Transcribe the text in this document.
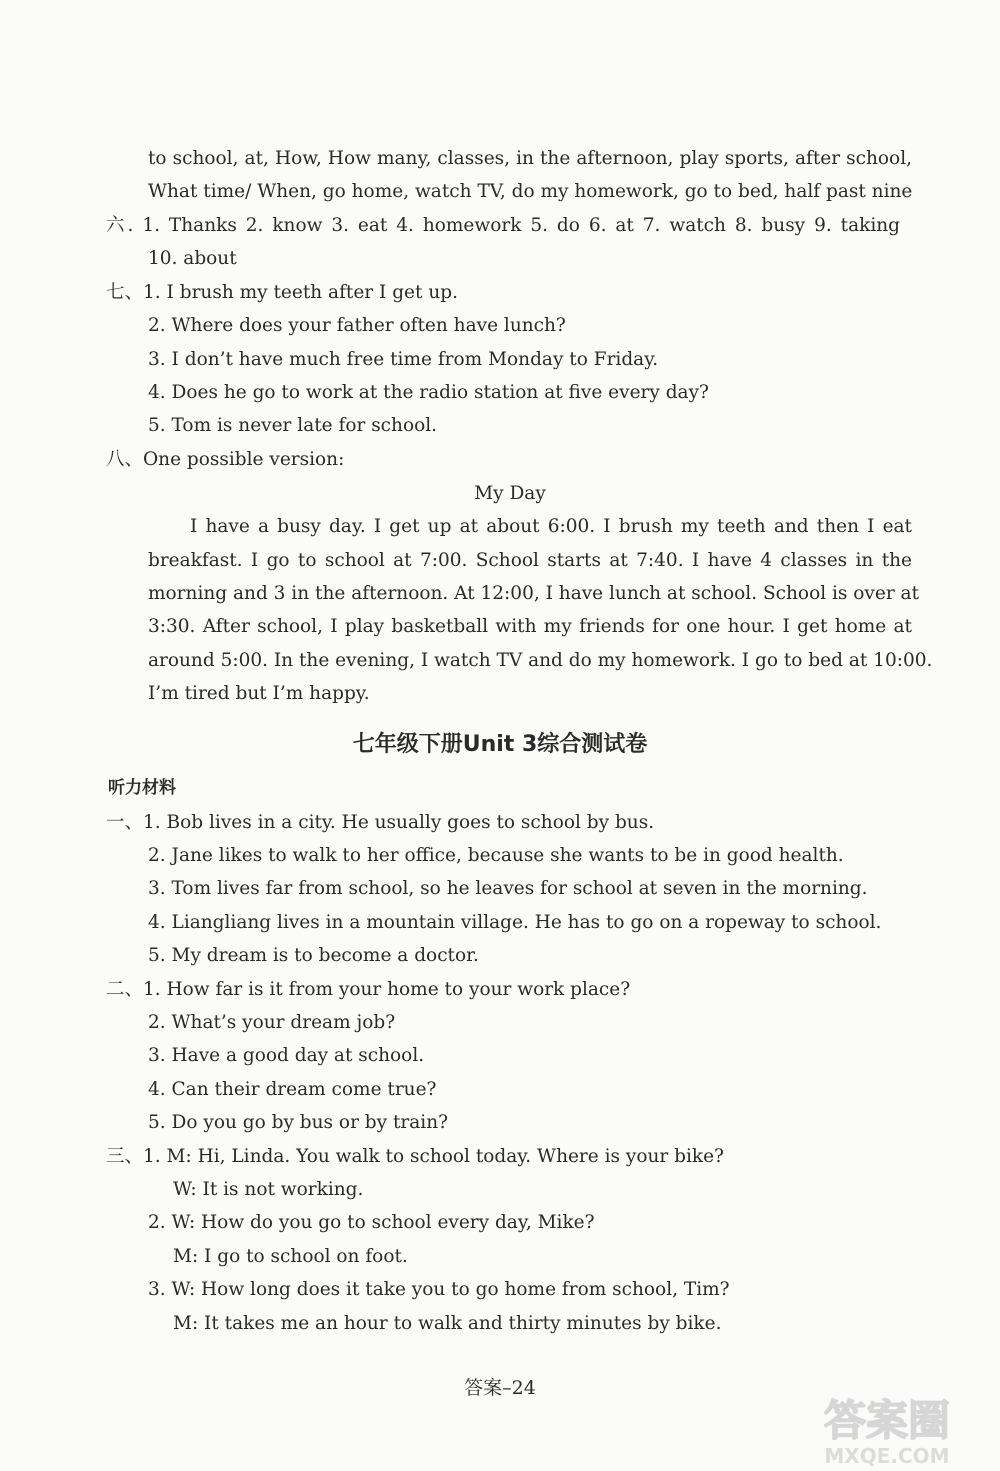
to school, at, How, How many, classes, in the afternoon, play sports, after school,
What time/ When, go home, watch TV, do my homework, go to bed, half past nine
六. 1. Thanks 2. know 3. eat 4. homework 5. do 6. at 7. watch 8. busy 9. taking
10. about
七、1. I brush my teeth after I get up.
2. Where does your father often have lunch?
3. I don’t have much free time from Monday to Friday.
4. Does he go to work at the radio station at five every day?
5. Tom is never late for school.
八、One possible version:
My Day
I have a busy day. I get up at about 6:00. I brush my teeth and then I eat
breakfast. I go to school at 7:00. School starts at 7:40. I have 4 classes in the
morning and 3 in the afternoon. At 12:00, I have lunch at school. School is over at
3:30. After school, I play basketball with my friends for one hour. I get home at
around 5:00. In the evening, I watch TV and do my homework. I go to bed at 10:00.
I’m tired but I’m happy.
七年级下册Unit 3综合测试卷
听力材料
一、1. Bob lives in a city. He usually goes to school by bus.
2. Jane likes to walk to her office, because she wants to be in good health.
3. Tom lives far from school, so he leaves for school at seven in the morning.
4. Liangliang lives in a mountain village. He has to go on a ropeway to school.
5. My dream is to become a doctor.
二、1. How far is it from your home to your work place?
2. What’s your dream job?
3. Have a good day at school.
4. Can their dream come true?
5. Do you go by bus or by train?
三、1. M: Hi, Linda. You walk to school today. Where is your bike?
W: It is not working.
2. W: How do you go to school every day, Mike?
M: I go to school on foot.
3. W: How long does it take you to go home from school, Tim?
M: It takes me an hour to walk and thirty minutes by bike.
答案–24
答案圈
MXQE.COM
